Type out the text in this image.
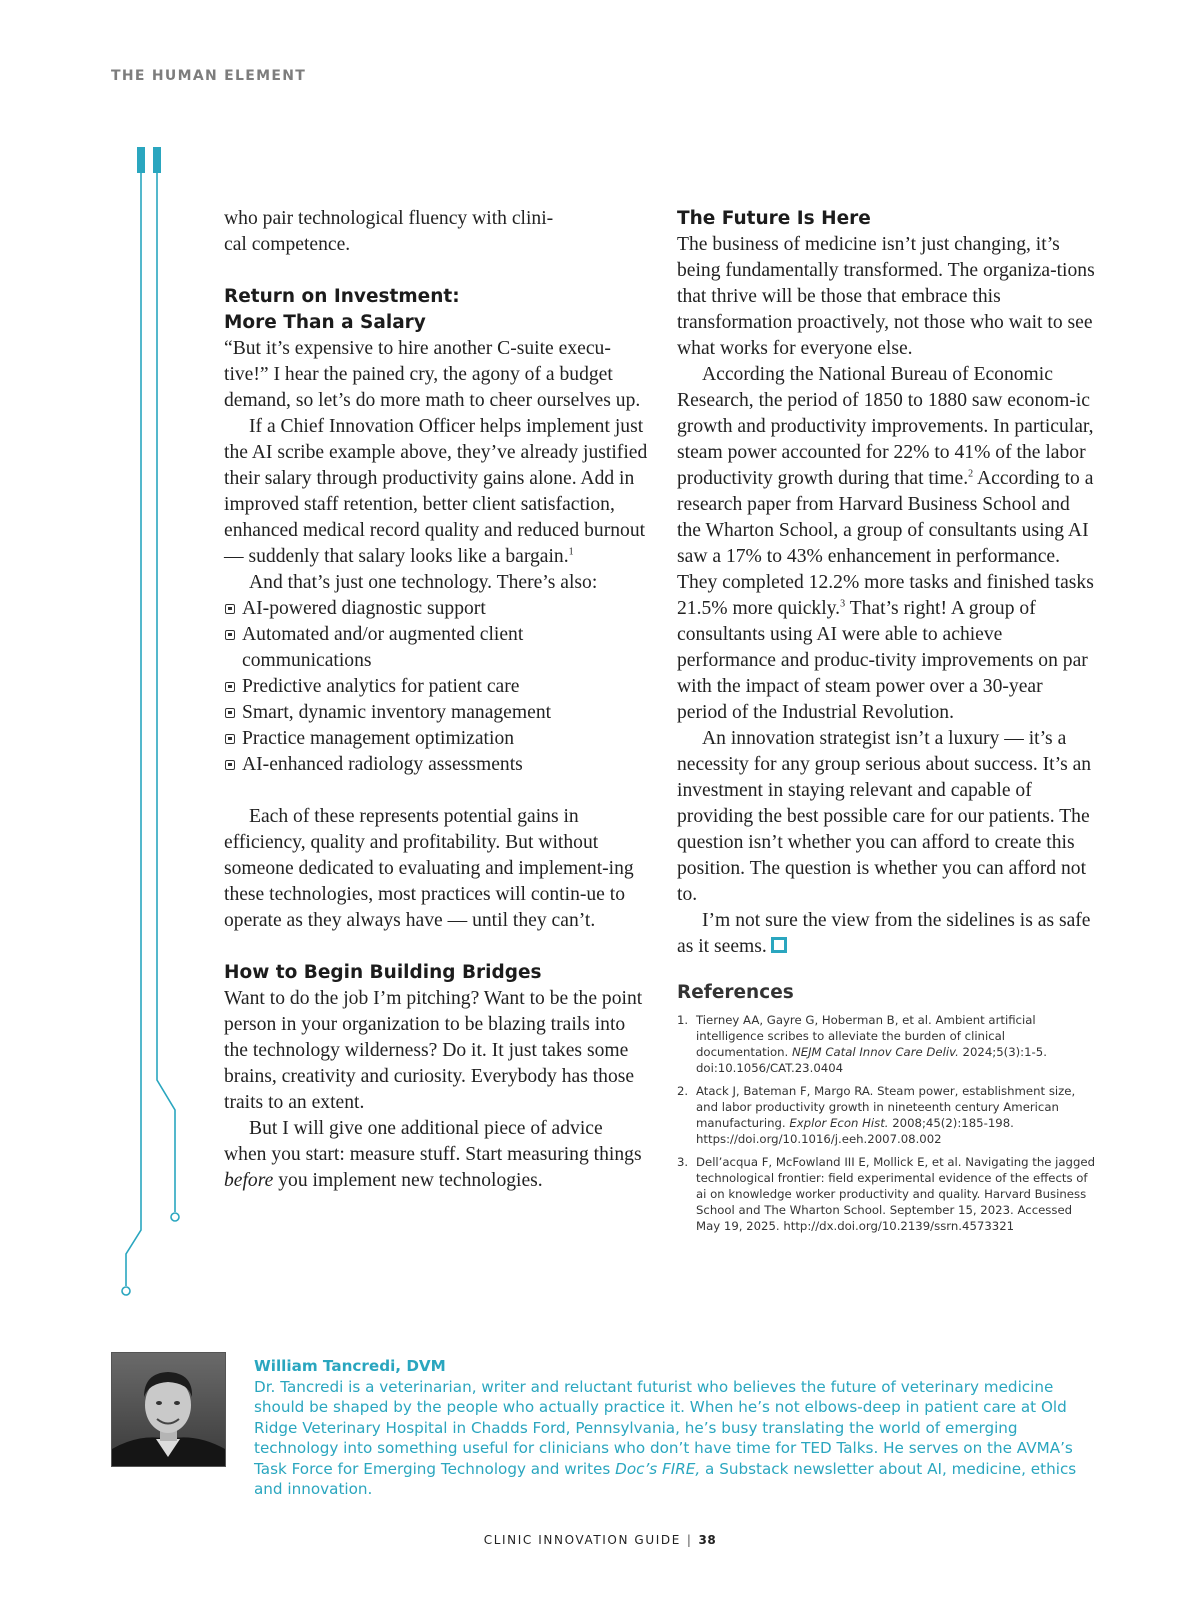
THE HUMAN ELEMENT

who pair technological fluency with clini-
cal competence.

Return on Investment:
More Than a Salary

“But it’s expensive to hire another C-suite execu-tive!” I hear the pained cry, the agony of a budget demand, so let’s do more math to cheer ourselves up.

If a Chief Innovation Officer helps implement just the AI scribe example above, they’ve already justified their salary through productivity gains alone. Add in improved staff retention, better client satisfaction, enhanced medical record quality and reduced burnout — suddenly that salary looks like a bargain.$^1$

And that’s just one technology. There’s also:

AI-powered diagnostic support
Automated and/or augmented client communications
Predictive analytics for patient care
Smart, dynamic inventory management
Practice management optimization
AI-enhanced radiology assessments

Each of these represents potential gains in efficiency, quality and profitability. But without someone dedicated to evaluating and implement-ing these technologies, most practices will contin-ue to operate as they always have — until they can’t.

How to Begin Building Bridges

Want to do the job I’m pitching? Want to be the point person in your organization to be blazing trails into the technology wilderness? Do it. It just takes some brains, creativity and curiosity. Everybody has those traits to an extent.

But I will give one additional piece of advice when you start: measure stuff. Start measuring things before you implement new technologies.

The Future Is Here

The business of medicine isn’t just changing, it’s being fundamentally transformed. The organiza-tions that thrive will be those that embrace this transformation proactively, not those who wait to see what works for everyone else.

According the National Bureau of Economic Research, the period of 1850 to 1880 saw econom-ic growth and productivity improvements. In particular, steam power accounted for 22% to 41% of the labor productivity growth during that time.$^2$ According to a research paper from Harvard Business School and the Wharton School, a group of consultants using AI saw a 17% to 43% enhancement in performance. They completed 12.2% more tasks and finished tasks 21.5% more quickly.$^3$ That’s right! A group of consultants using AI were able to achieve performance and produc-tivity improvements on par with the impact of steam power over a 30-year period of the Industrial Revolution.

An innovation strategist isn’t a luxury — it’s a necessity for any group serious about success. It’s an investment in staying relevant and capable of providing the best possible care for our patients. The question isn’t whether you can afford to create this position. The question is whether you can afford not to.

I’m not sure the view from the sidelines is as safe as it seems.

References
1. Tierney AA, Gayre G, Hoberman B, et al. Ambient artificial intelligence scribes to alleviate the burden of clinical documentation. NEJM Catal Innov Care Deliv. 2024;5(3):1-5. doi:10.1056/CAT.23.0404
2. Atack J, Bateman F, Margo RA. Steam power, establishment size, and labor productivity growth in nineteenth century American manufacturing. Explor Econ Hist. 2008;45(2):185-198. https://doi.org/10.1016/j.eeh.2007.08.002
3. Dell’acqua F, McFowland III E, Mollick E, et al. Navigating the jagged technological frontier: field experimental evidence of the effects of ai on knowledge worker productivity and quality. Harvard Business School and The Wharton School. September 15, 2023. Accessed May 19, 2025. http://dx.doi.org/10.2139/ssrn.4573321
William Tancredi, DVM
Dr. Tancredi is a veterinarian, writer and reluctant futurist who believes the future of veterinary medicine should be shaped by the people who actually practice it. When he’s not elbows-deep in patient care at Old Ridge Veterinary Hospital in Chadds Ford, Pennsylvania, he’s busy translating the world of emerging technology into something useful for clinicians who don’t have time for TED Talks. He serves on the AVMA’s Task Force for Emerging Technology and writes Doc’s FIRE, a Substack newsletter about AI, medicine, ethics and innovation.
CLINIC INNOVATION GUIDE | 38
